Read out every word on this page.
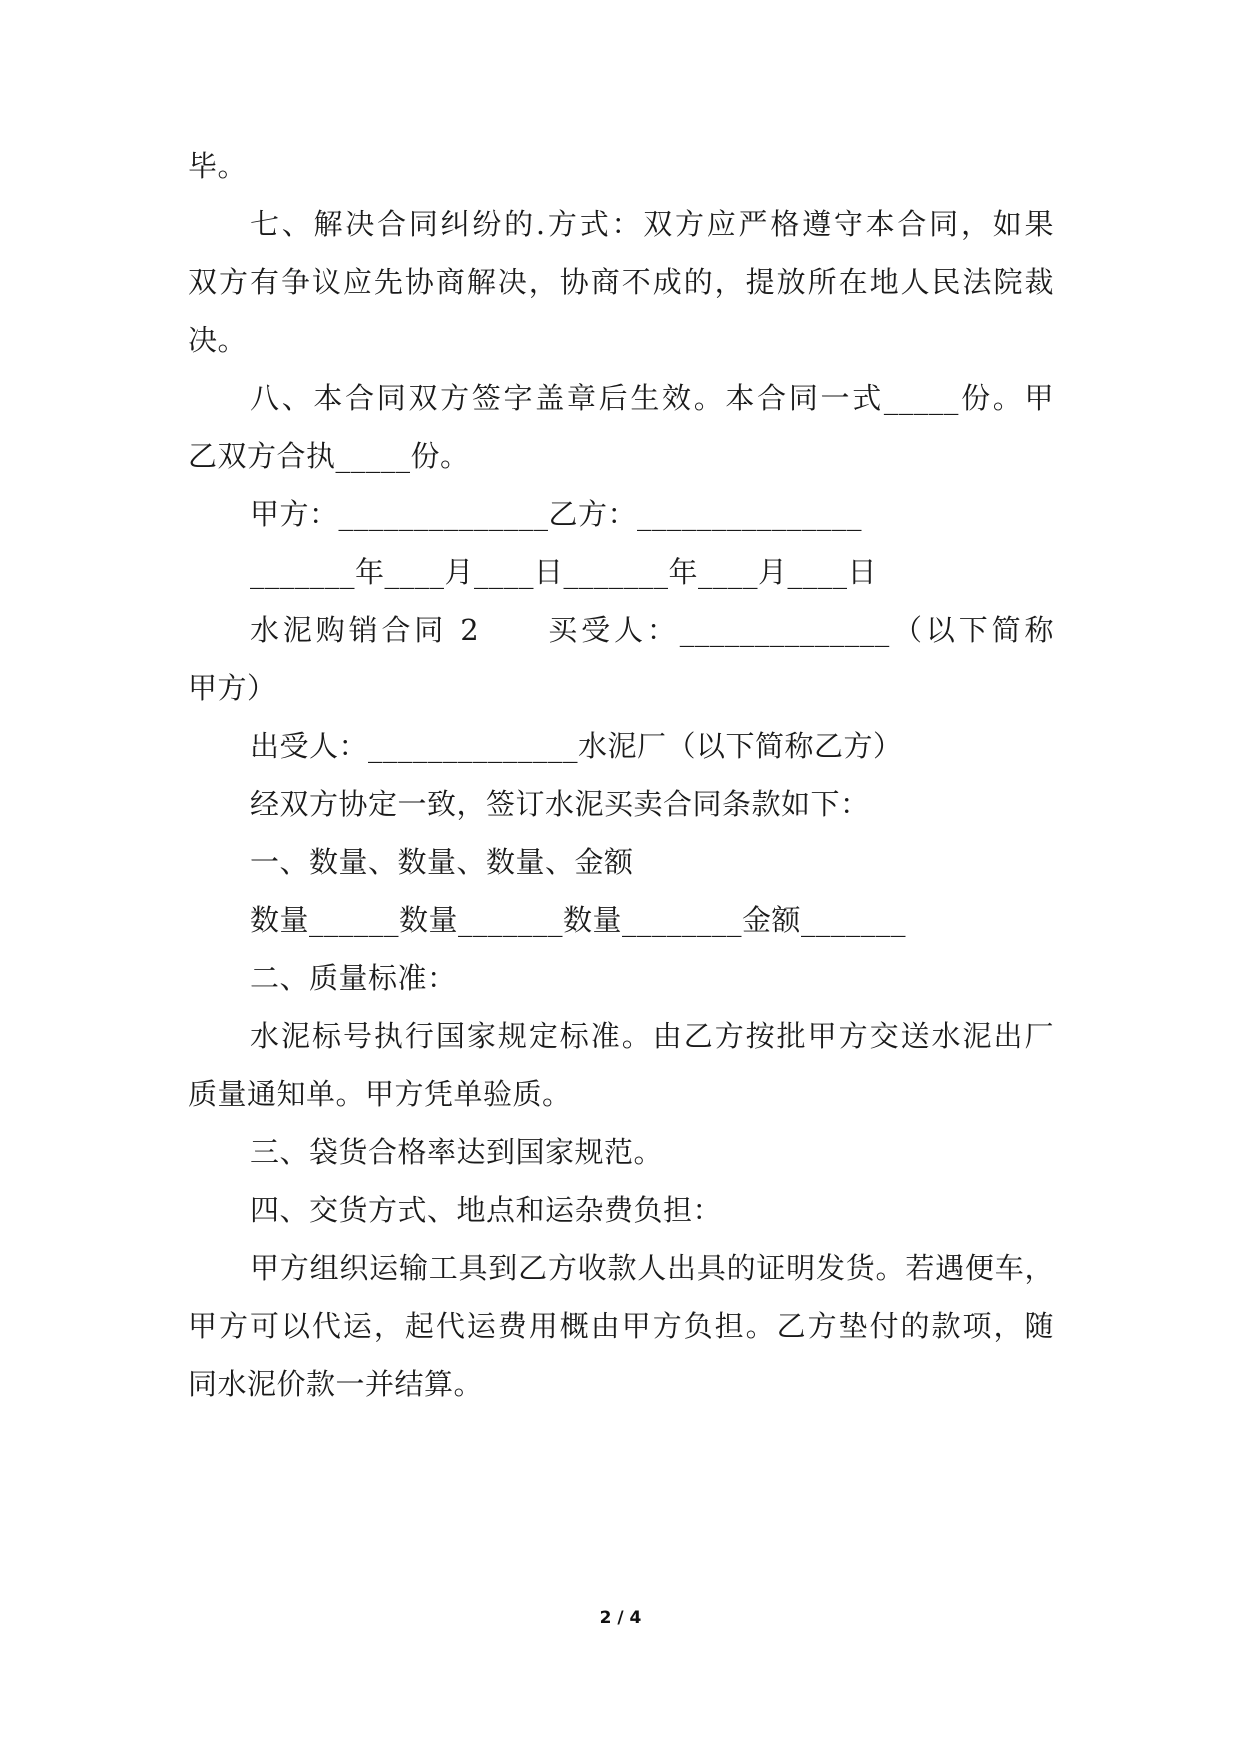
毕。
七、解决合同纠纷的.方式：双方应严格遵守本合同，如果
双方有争议应先协商解决，协商不成的，提放所在地人民法院裁
决。
八、本合同双方签字盖章后生效。本合同一式_____份。甲
乙双方合执_____份。
甲方：______________乙方：_______________
_______年____月____日_______年____月____日
水泥购销合同 2　　买受人：______________（以下简称
甲方）
出受人：______________水泥厂（以下简称乙方）
经双方协定一致，签订水泥买卖合同条款如下：
一、数量、数量、数量、金额
数量______数量_______数量________金额_______
二、质量标准：
水泥标号执行国家规定标准。由乙方按批甲方交送水泥出厂
质量通知单。甲方凭单验质。
三、袋货合格率达到国家规范。
四、交货方式、地点和运杂费负担：
甲方组织运输工具到乙方收款人出具的证明发货。若遇便车，
甲方可以代运，起代运费用概由甲方负担。乙方垫付的款项，随
同水泥价款一并结算。
2 / 4
